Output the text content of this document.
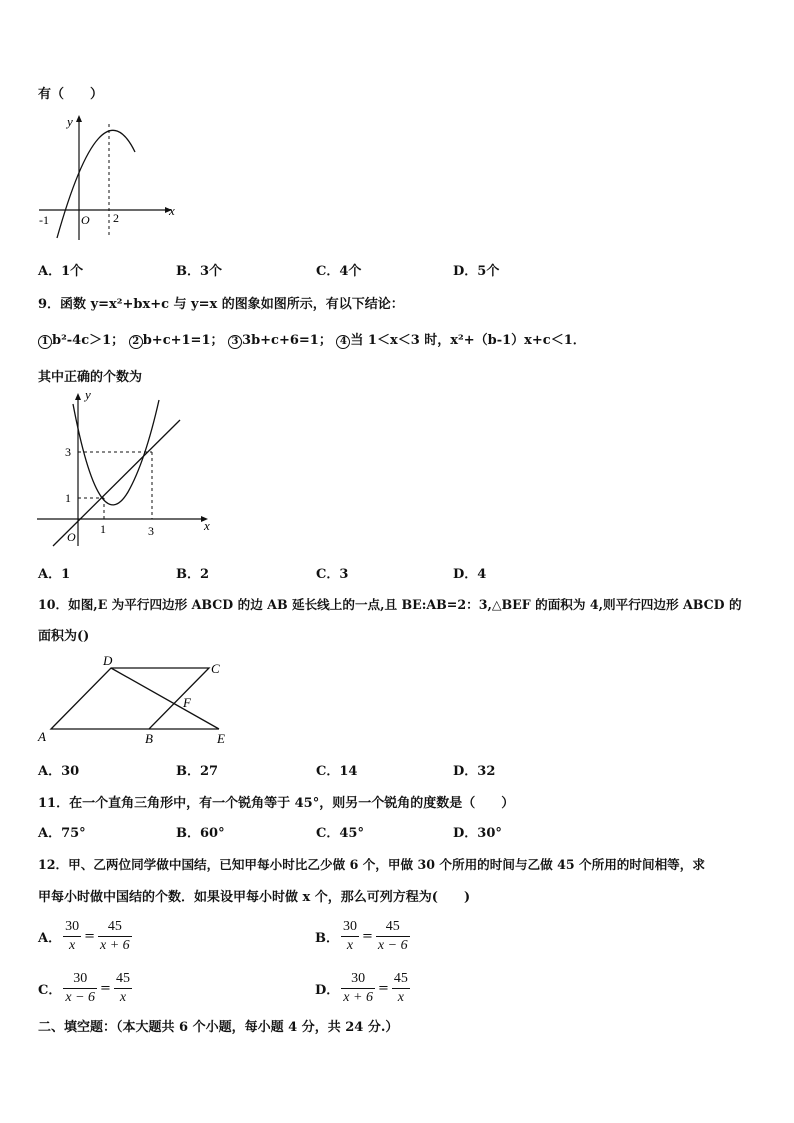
有（　　）
y
x
O
-1	2
A．1个	B．3个	C．4个	D．5个
9．函数 y=x²+bx+c 与 y=x 的图象如图所示，有以下结论：
1 b²-4c＞1； 2 b+c+1=1； 3 3b+c+6=1； 4 当 1＜x＜3 时，x²+（b-1）x+c＜1．
其中正确的个数为
y
x
O
3
1
1	3
A．1	B．2	C．3	D．4
10．如图,E 为平行四边形 ABCD 的边 AB 延长线上的一点,且 BE:AB=2：3,△BEF 的面积为 4,则平行四边形 ABCD 的
面积为()
D
C
F
A	B	E
A．30	B．27	C．14	D．32
11．在一个直角三角形中，有一个锐角等于 45°，则另一个锐角的度数是（　　）
A．75°	B．60°	C．45°	D．30°
12．甲、乙两位同学做中国结，已知甲每小时比乙少做 6 个，甲做 30 个所用的时间与乙做 45 个所用的时间相等，求
甲每小时做中国结的个数．如果设甲每小时做 x 个，那么可列方程为(　　)
A． $\frac{30}{x} = \frac{45}{x + 6}$	B． $\frac{30}{x} = \frac{45}{x - 6}$
C． $\frac{30}{x - 6} = \frac{45}{x}$	D． $\frac{30}{x + 6} = \frac{45}{x}$
二、填空题：（本大题共 6 个小题，每小题 4 分，共 24 分.）
